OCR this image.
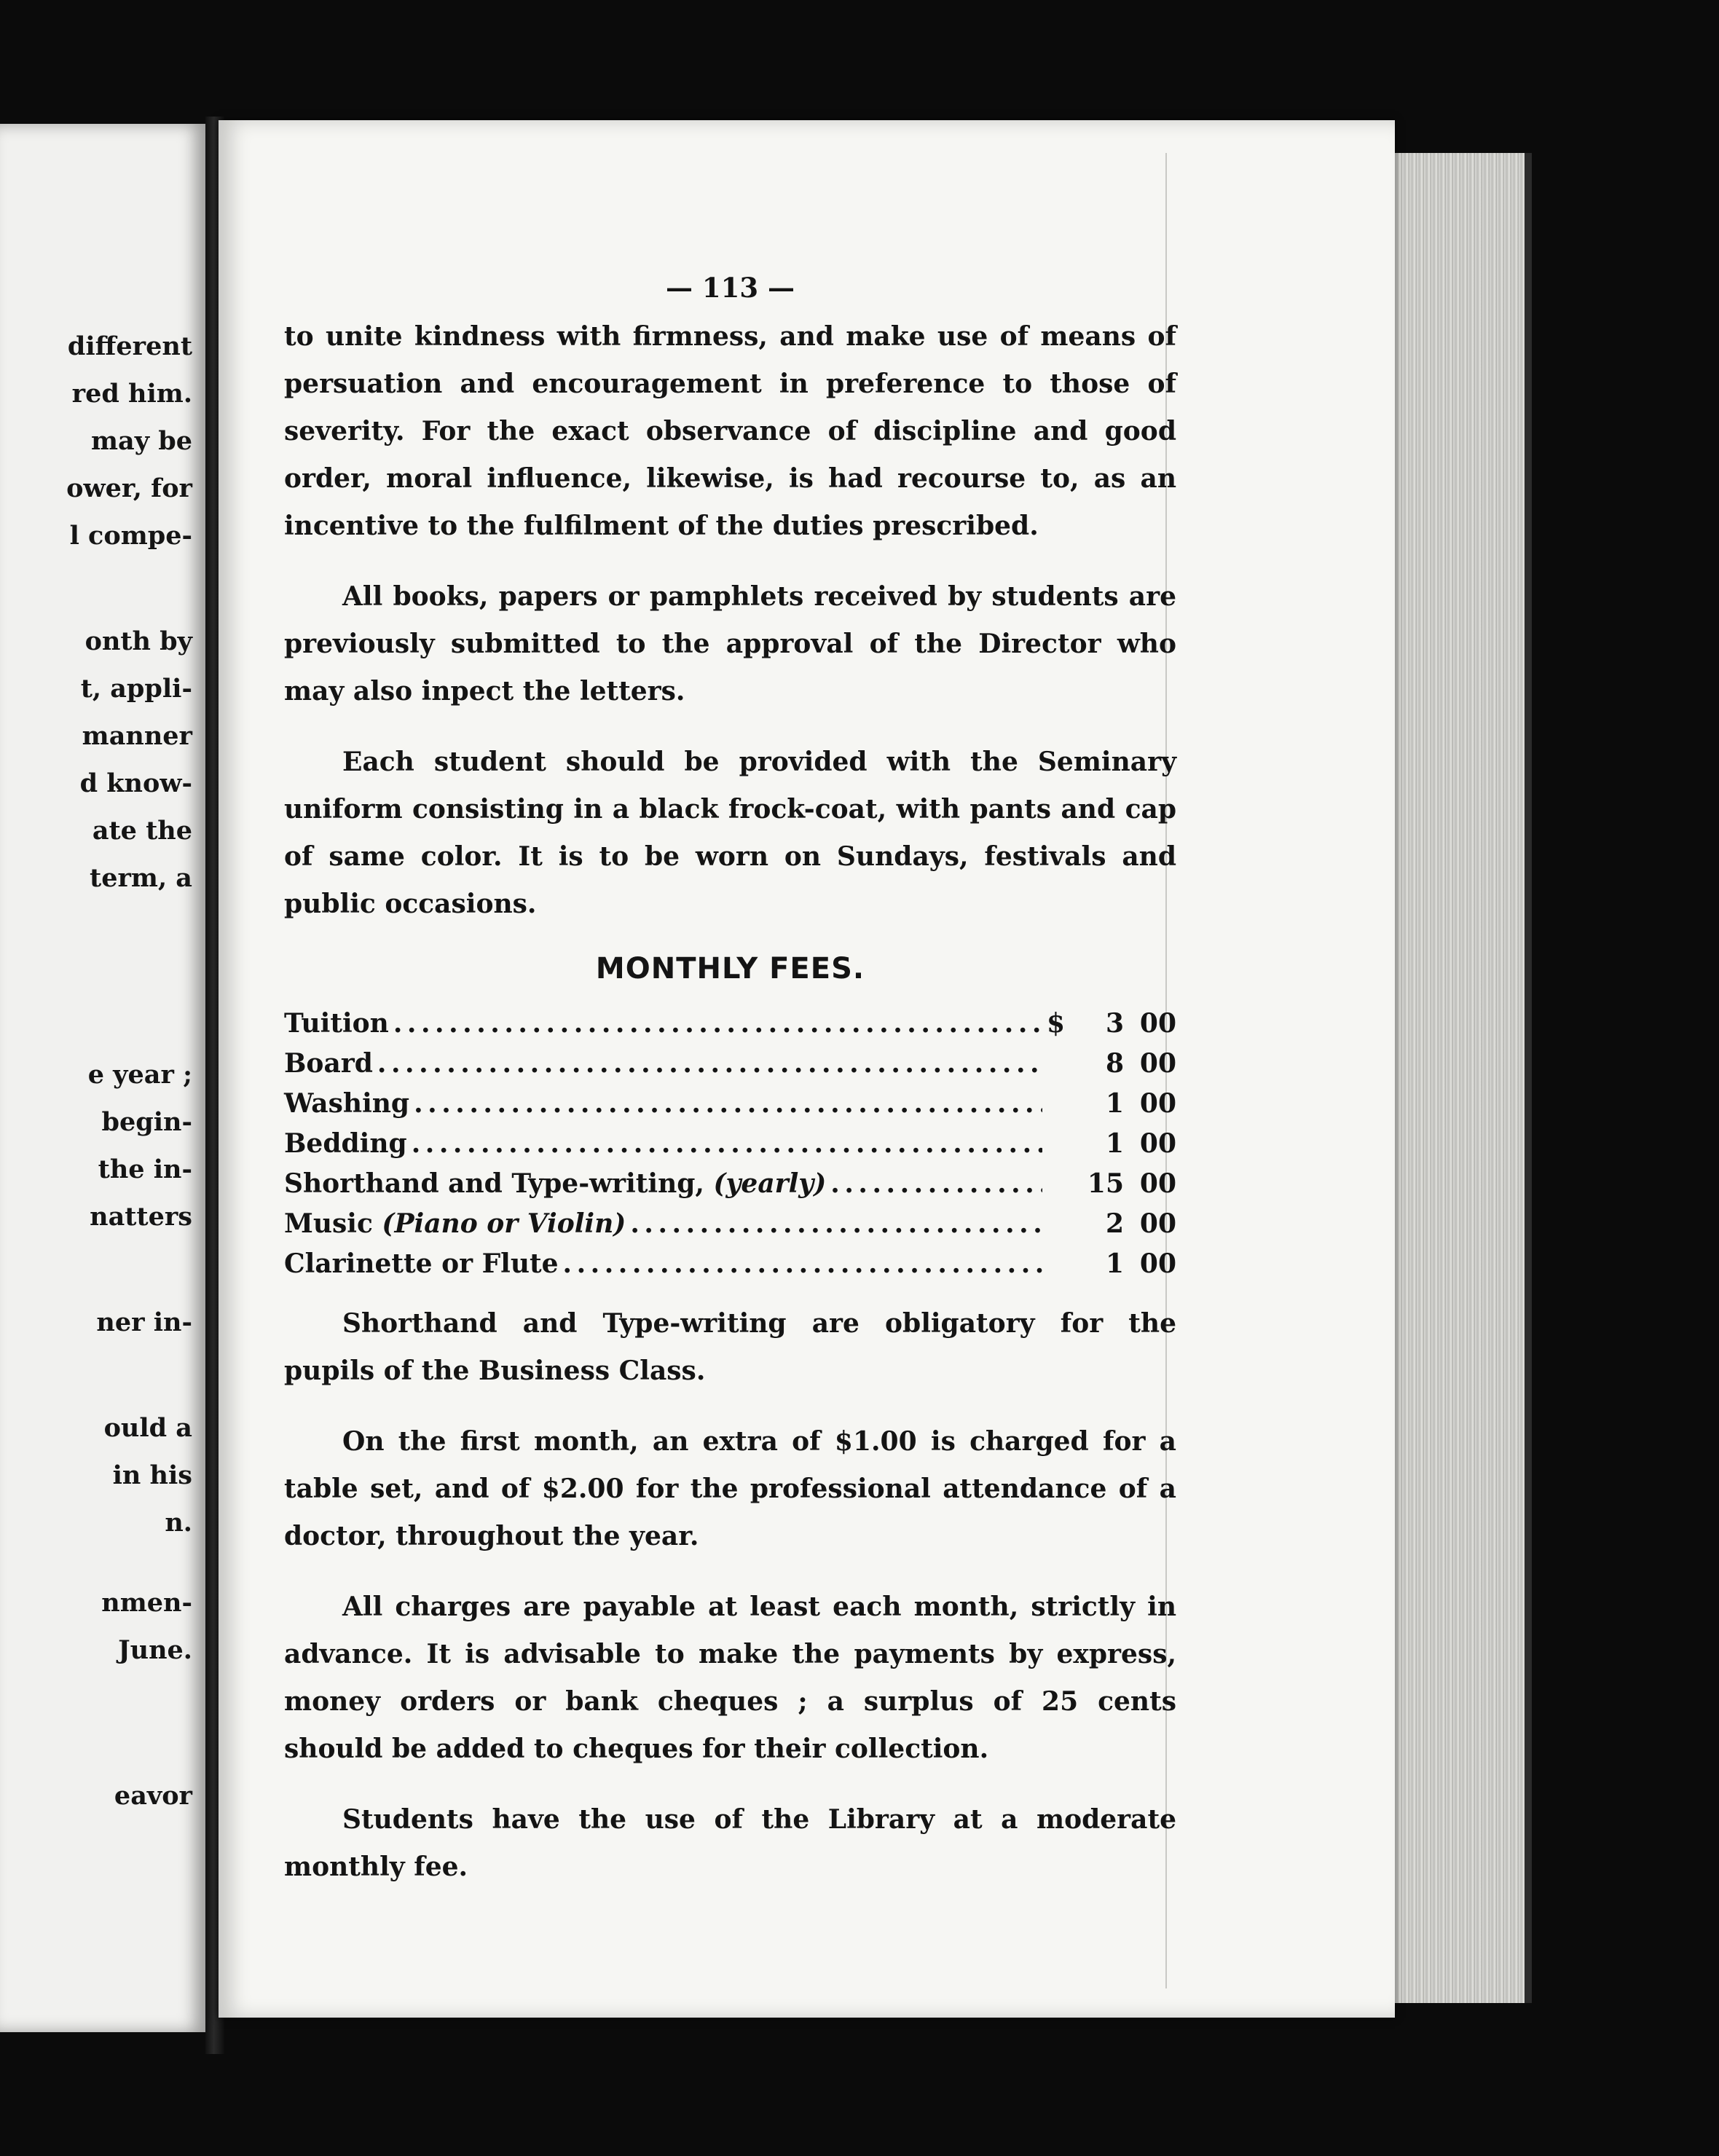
different
red him.
may be
ower, for
l compe-
onth by
t, appli-
manner
d know-
ate the
term, a
e year ;
begin-
the in-
natters
ner in-
ould a
in his
n.
nmen-
June.
eavor
— 113 —

to unite kindness with firmness, and make use of means of persuation and encouragement in preference to those of severity. For the exact observance of discipline and good order, moral influence, likewise, is had recourse to, as an incentive to the fulfilment of the duties prescribed.

All books, papers or pamphlets received by students are previously submitted to the approval of the Director who may also inpect the letters.

Each student should be provided with the Seminary uniform consisting in a black frock-coat, with pants and cap of same color. It is to be worn on Sundays, festivals and public occasions.

MONTHLY FEES.
Tuition . . .	$	3 00
Board . . .	8 00
Washing . . .	1 00
Bedding . . .	1 00
Shorthand and Type-writing, (yearly) . . .	15 00
Music (Piano or Violin) . . .	2 00
Clarinette or Flute . . .	1 00

Shorthand and Type-writing are obligatory for the pupils of the Business Class.

On the first month, an extra of $1.00 is charged for a table set, and of $2.00 for the professional attendance of a doctor, throughout the year.

All charges are payable at least each month, strictly in advance. It is advisable to make the payments by express, money orders or bank cheques ; a surplus of 25 cents should be added to cheques for their collection.

Students have the use of the Library at a moderate monthly fee.
